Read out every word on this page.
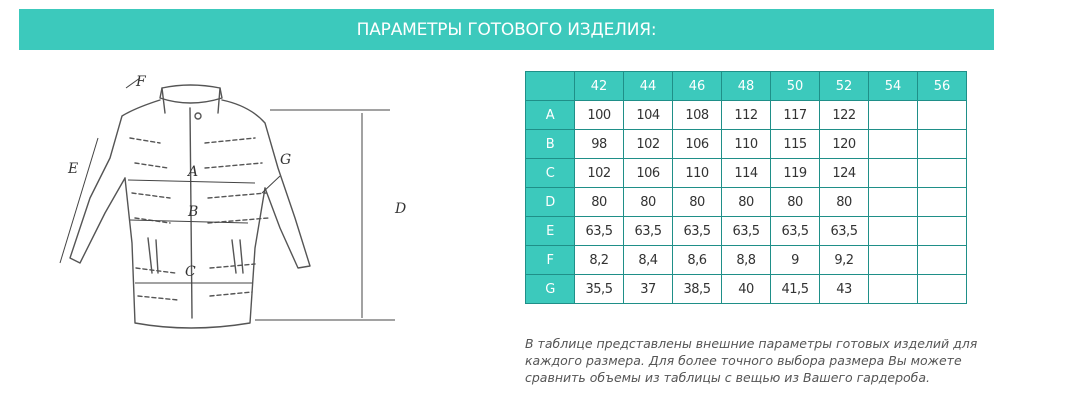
ПАРАМЕТРЫ ГОТОВОГО ИЗДЕЛИЯ:
A
B
C
D
E
F
G
	42	44	46	48	50	52	54	56
A	100	104	108	112	117	122		
B	98	102	106	110	115	120		
C	102	106	110	114	119	124		
D	80	80	80	80	80	80		
E	63,5	63,5	63,5	63,5	63,5	63,5		
F	8,2	8,4	8,6	8,8	9	9,2		
G	35,5	37	38,5	40	41,5	43		

В таблице представлены внешние параметры готовых изделий для каждого размера. Для более точного выбора размера Вы можете сравнить объемы из таблицы с вещью из Вашего гардероба.
